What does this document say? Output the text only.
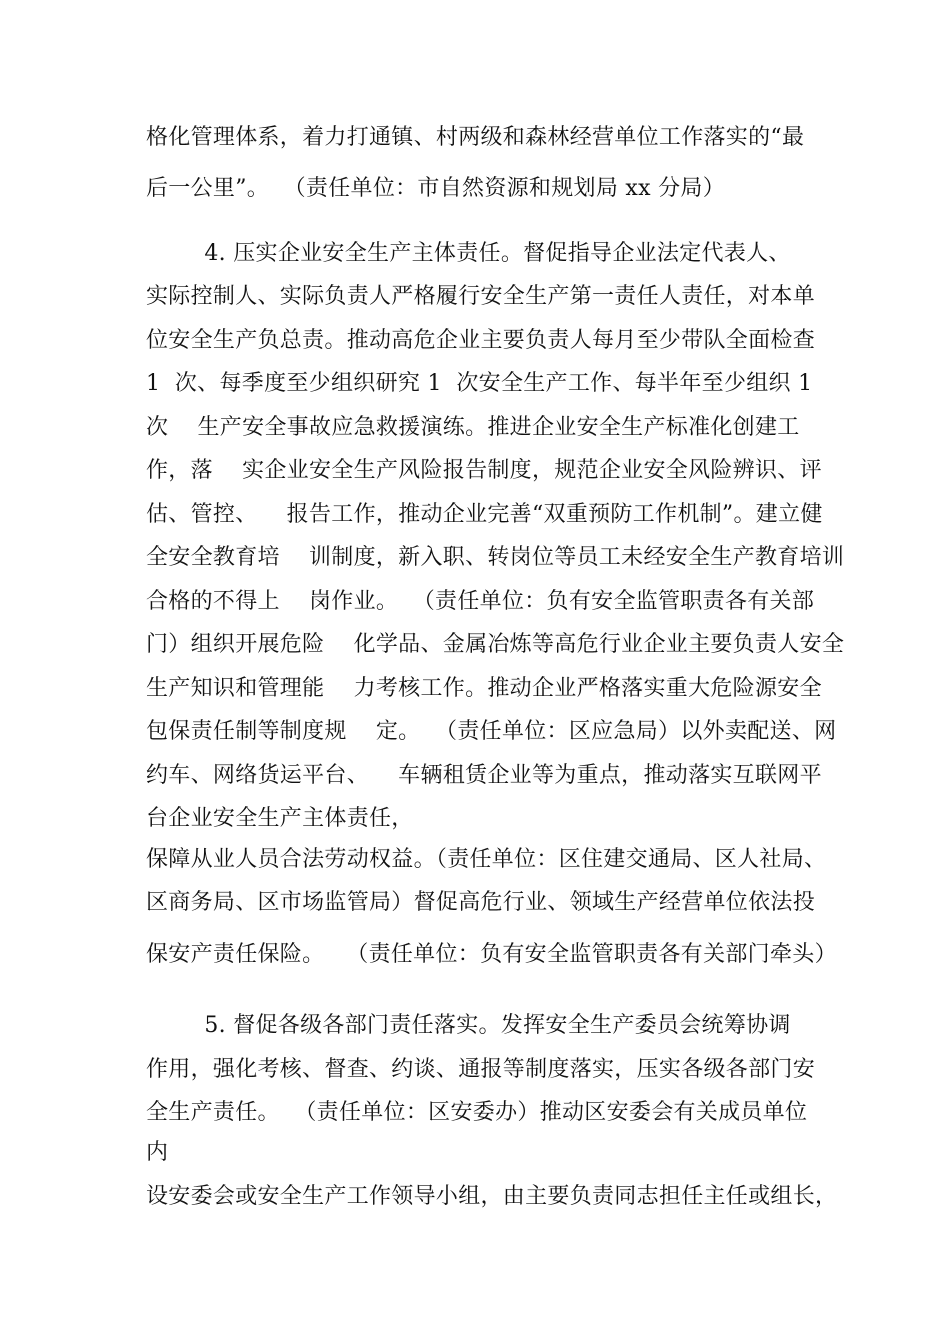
格化管理体系，着力打通镇、村两级和森林经营单位工作落实的“最
后一公里”。  （责任单位：市自然资源和规划局 xx 分局）
4. 压实企业安全生产主体责任。督促指导企业法定代表人、
实际控制人、实际负责人严格履行安全生产第一责任人责任，对本单
位安全生产负总责。推动高危企业主要负责人每月至少带队全面检查
1  次、每季度至少组织研究 1  次安全生产工作、每半年至少组织 1
次    生产安全事故应急救援演练。推进企业安全生产标准化创建工
作，落    实企业安全生产风险报告制度，规范企业安全风险辨识、评
估、管控、    报告工作，推动企业完善“双重预防工作机制”。建立健
全安全教育培    训制度，新入职、转岗位等员工未经安全生产教育培训
合格的不得上    岗作业。  （责任单位：负有安全监管职责各有关部
门）组织开展危险    化学品、金属冶炼等高危行业企业主要负责人安全
生产知识和管理能    力考核工作。推动企业严格落实重大危险源安全
包保责任制等制度规    定。  （责任单位：区应急局）以外卖配送、网
约车、网络货运平台、    车辆租赁企业等为重点，推动落实互联网平
台企业安全生产主体责任，
保障从业人员合法劳动权益。（责任单位：区住建交通局、区人社局、
区商务局、区市场监管局）督促高危行业、领域生产经营单位依法投
保安产责任保险。   （责任单位：负有安全监管职责各有关部门牵头）
5. 督促各级各部门责任落实。发挥安全生产委员会统筹协调
作用，强化考核、督查、约谈、通报等制度落实，压实各级各部门安
全生产责任。  （责任单位：区安委办）推动区安委会有关成员单位
内
设安委会或安全生产工作领导小组，由主要负责同志担任主任或组长，
